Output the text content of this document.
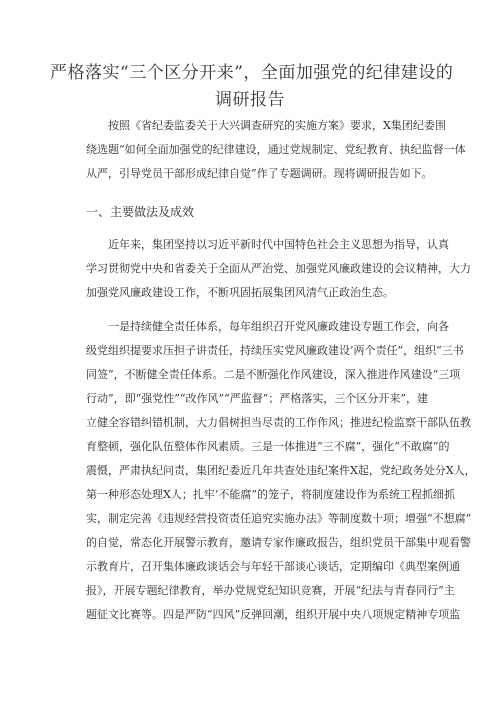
严格落实“三个区分开来”，全面加强党的纪律建设的
调研报告
按照《省纪委监委关于大兴调查研究的实施方案》要求，X集团纪委围
绕选题“如何全面加强党的纪律建设，通过党规制定、党纪教育、执纪监督一体
从严，引导党员干部形成纪律自觉”作了专题调研。现将调研报告如下。
一、主要做法及成效
近年来，集团坚持以习近平新时代中国特色社会主义思想为指导，认真
学习贯彻党中央和省委关于全面从严治党、加强党风廉政建设的会议精神，大力
加强党风廉政建设工作，不断巩固拓展集团风清气正政治生态。
一是持续健全责任体系，每年组织召开党风廉政建设专题工作会，向各
级党组织提要求压担子讲责任，持续压实党风廉政建设’两个责任”，组织“三书
同签”，不断健全责任体系。二是不断强化作风建设，深入推进作风建设“三项
行动”，即“强党性”“改作风”“严监督”；严格落实，三个区分开来”，建
立健全容错纠错机制，大力倡树担当尽责的工作作风；推进纪检监察干部队伍教
育整顿，强化队伍整体作风素质。三是一体推进“三不腐”，强化“不敢腐”的
震慑，严肃执纪问责，集团纪委近几年共查处违纪案件X起，党纪政务处分X人，
第一种形态处理X人；扎牢’不能腐”的笼子，将制度建设作为系统工程抓细抓
实，制定完善《违规经营投资责任追究实施办法》等制度数十项；增强“不想腐”
的自觉，常态化开展警示教育，邀请专家作廉政报告，组织党员干部集中观看警
示教育片，召开集体廉政谈话会与年轻干部谈心谈话，定期编印《典型案例通
报》，开展专题纪律教育，举办党规党纪知识竞赛，开展“纪法与青春同行”主
题征文比赛等。四是严防“四风”反弹回潮，组织开展中央八项规定精神专项监
